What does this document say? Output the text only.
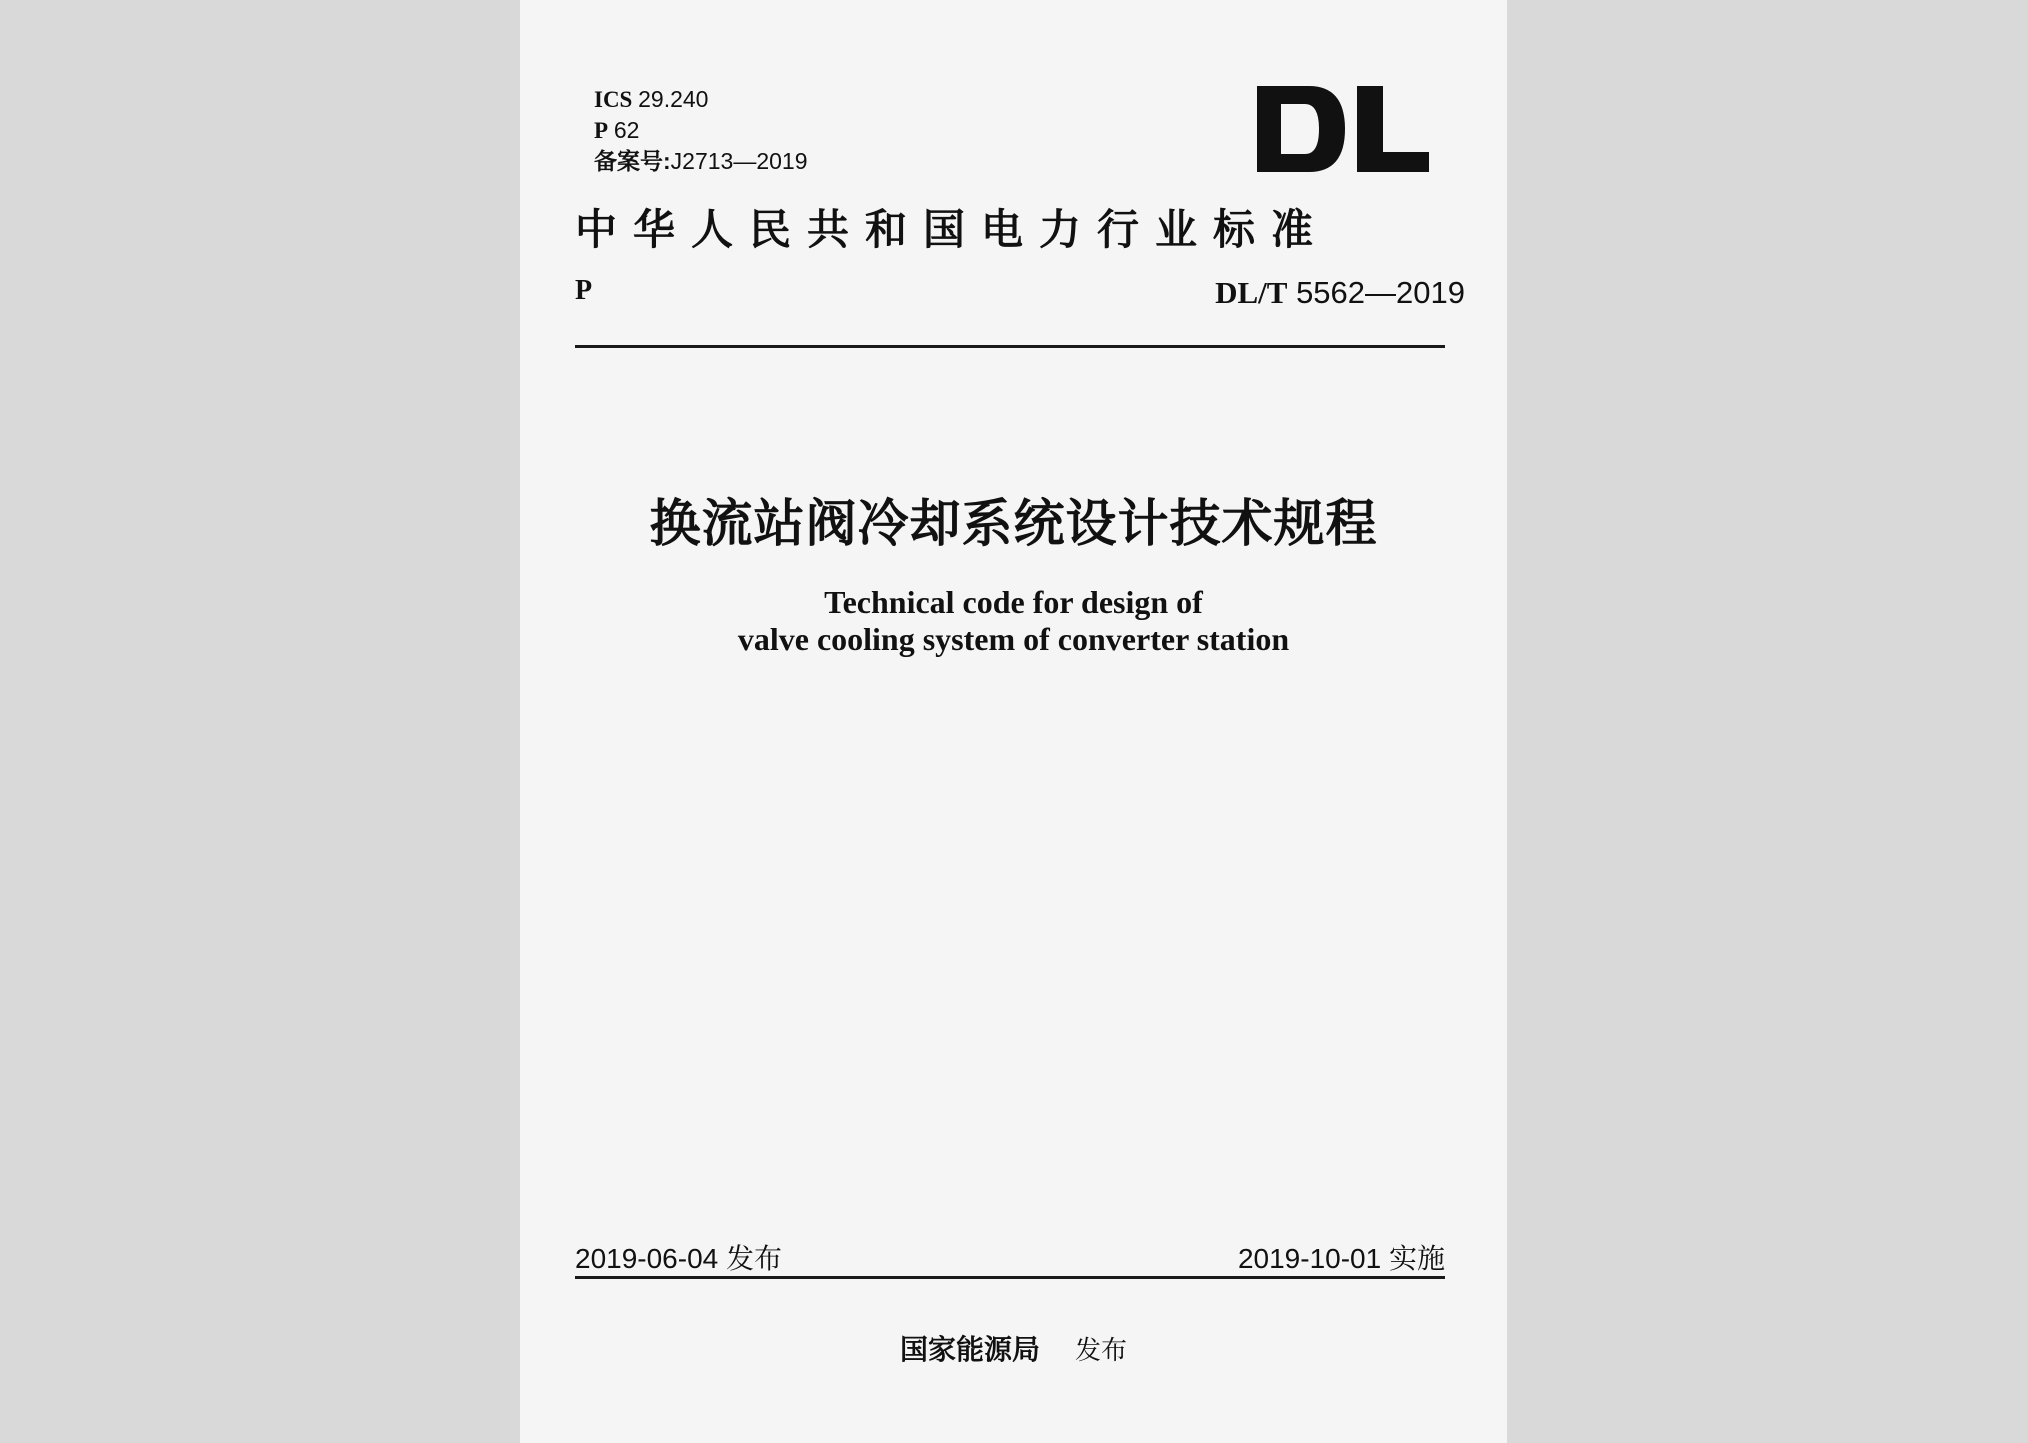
ICS 29.240
P 62
备案号:J2713—2019
中华人民共和国电力行业标准
P	DL/T 5562—2019
换流站阀冷却系统设计技术规程
Technical code for design of
valve cooling system of converter station
2019-06-04 发布	2019-10-01 实施
国家能源局 发布
